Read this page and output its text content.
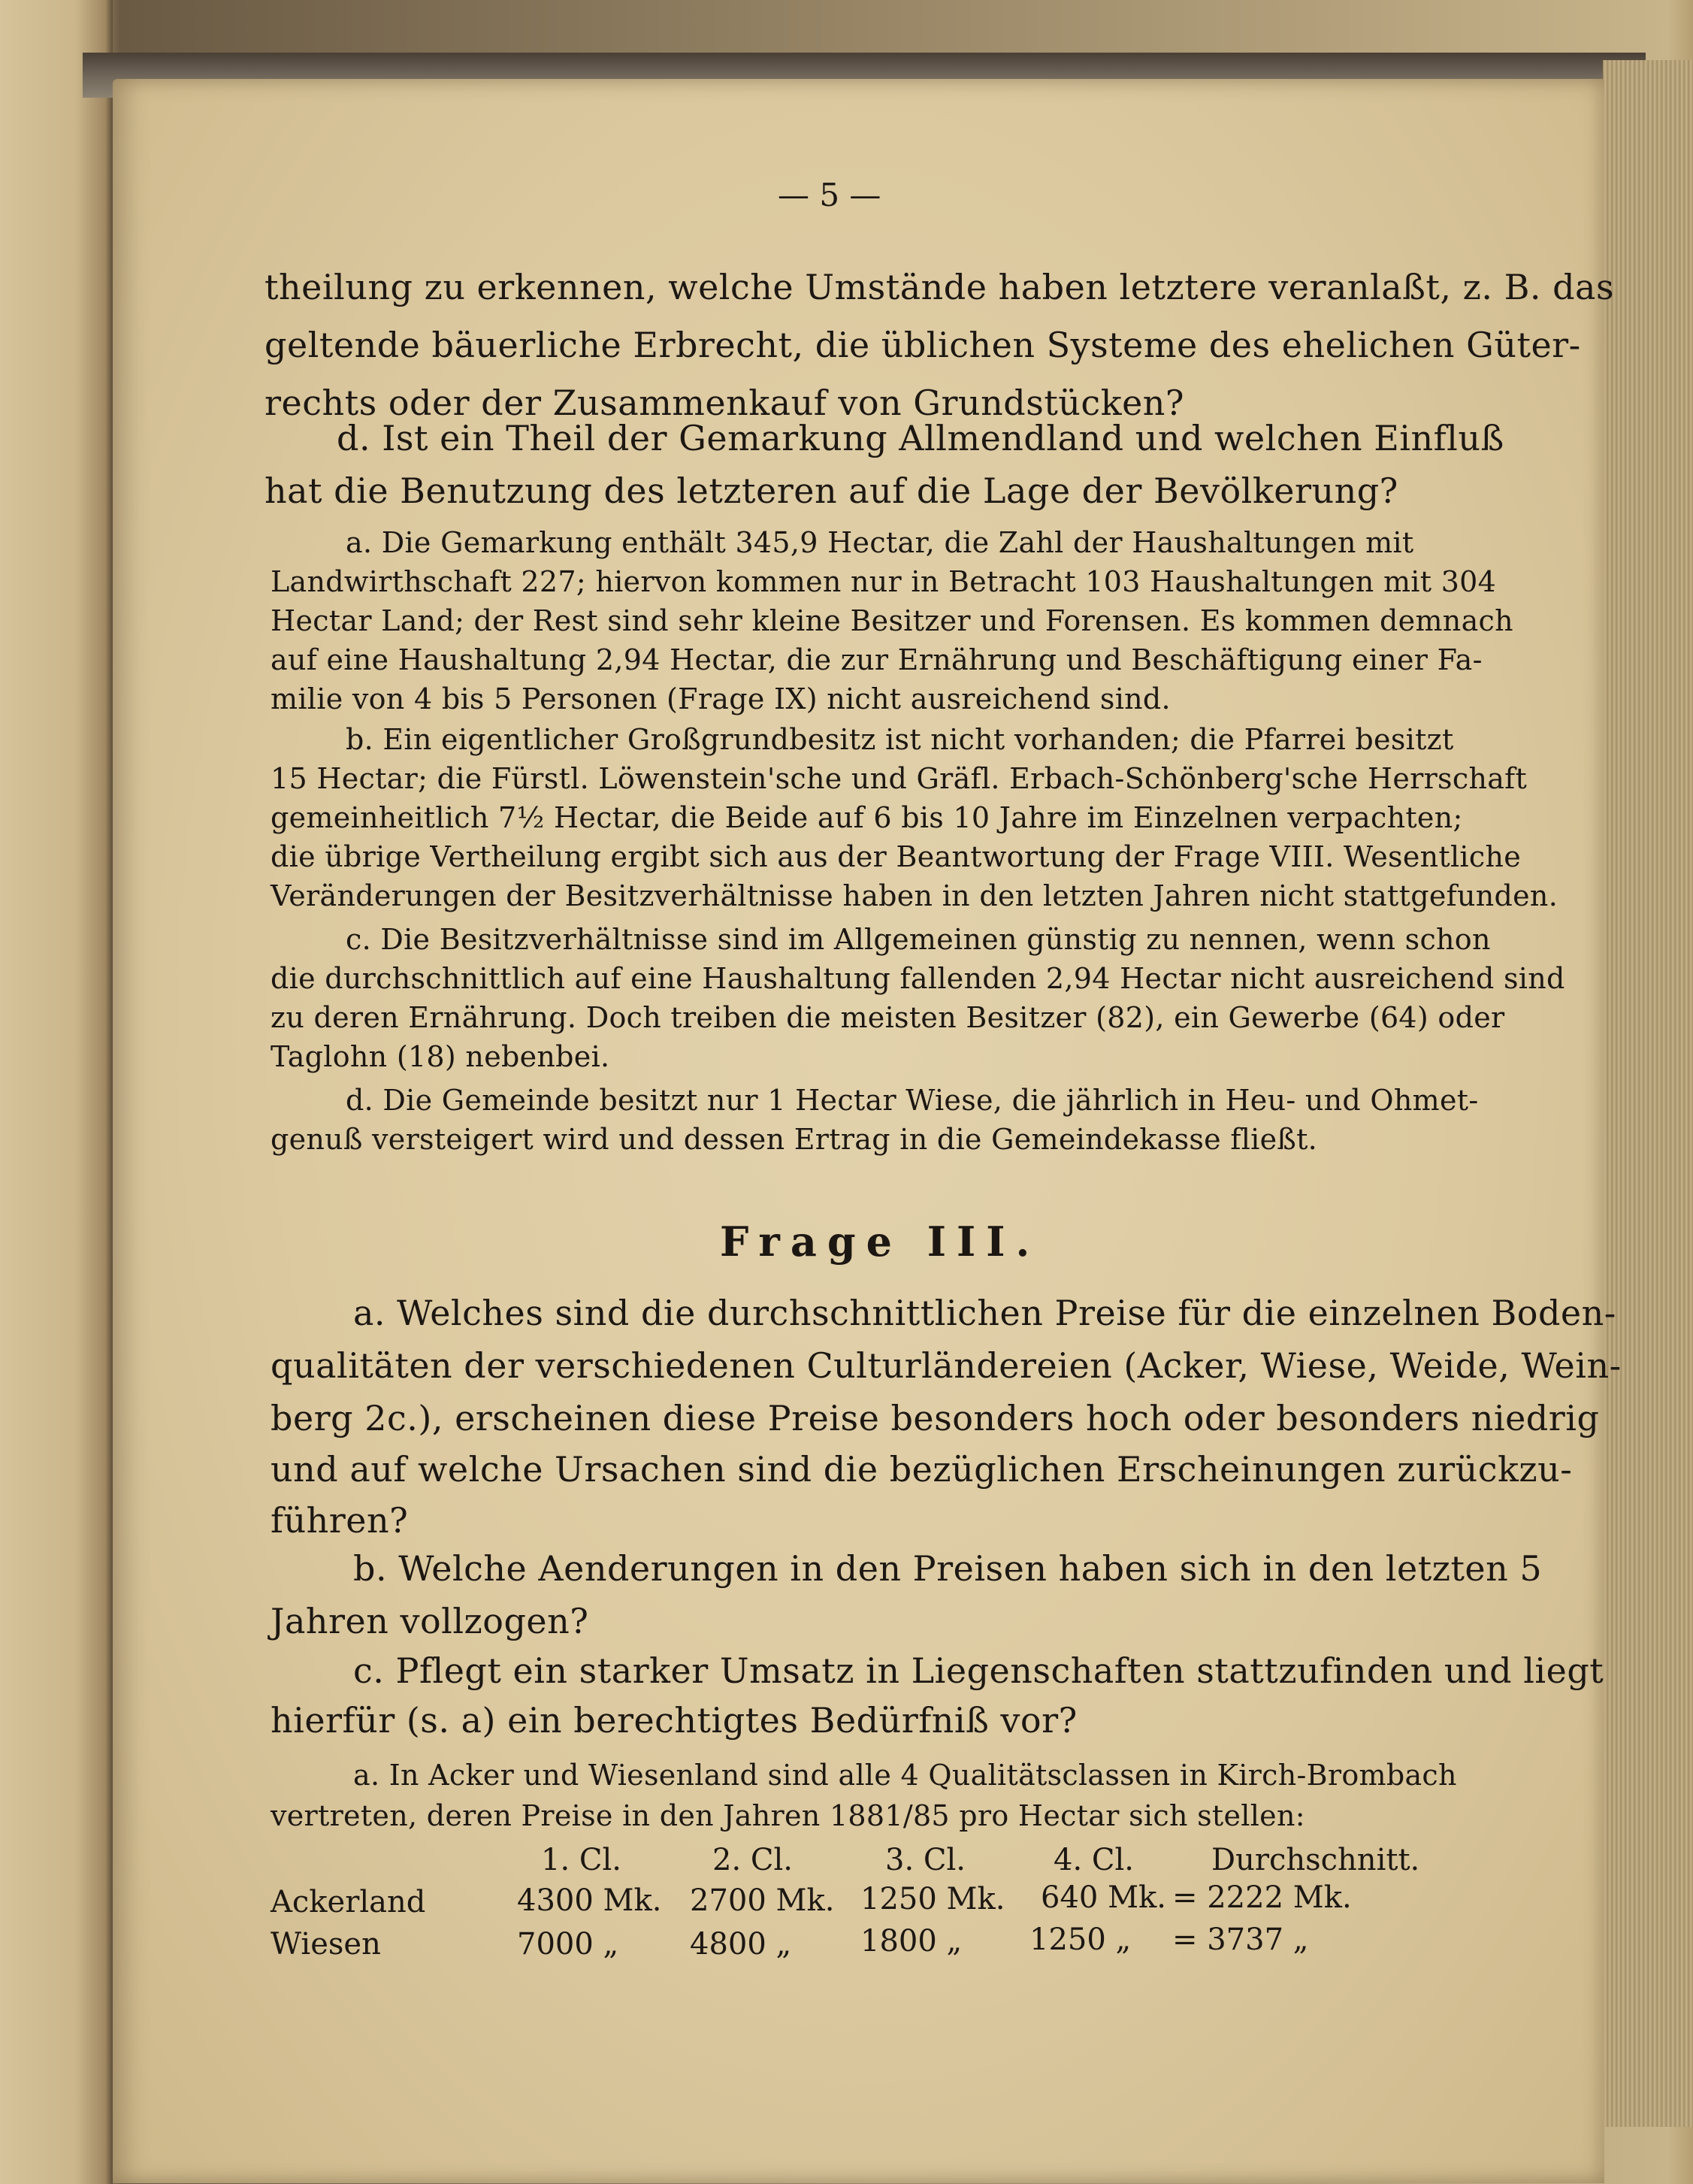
— 5 —
theilung zu erkennen, welche Umstände haben letztere veranlaßt, z. B. das
geltende bäuerliche Erbrecht, die üblichen Systeme des ehelichen Güter-
rechts oder der Zusammenkauf von Grundstücken?
d. Ist ein Theil der Gemarkung Allmendland und welchen Einfluß
hat die Benutzung des letzteren auf die Lage der Bevölkerung?
a. Die Gemarkung enthält 345,9 Hectar, die Zahl der Haushaltungen mit
Landwirthschaft 227; hiervon kommen nur in Betracht 103 Haushaltungen mit 304
Hectar Land; der Rest sind sehr kleine Besitzer und Forensen. Es kommen demnach
auf eine Haushaltung 2,94 Hectar, die zur Ernährung und Beschäftigung einer Fa-
milie von 4 bis 5 Personen (Frage IX) nicht ausreichend sind.
b. Ein eigentlicher Großgrundbesitz ist nicht vorhanden; die Pfarrei besitzt
15 Hectar; die Fürstl. Löwenstein'sche und Gräfl. Erbach-Schönberg'sche Herrschaft
gemeinheitlich 7½ Hectar, die Beide auf 6 bis 10 Jahre im Einzelnen verpachten;
die übrige Vertheilung ergibt sich aus der Beantwortung der Frage VIII. Wesentliche
Veränderungen der Besitzverhältnisse haben in den letzten Jahren nicht stattgefunden.
c. Die Besitzverhältnisse sind im Allgemeinen günstig zu nennen, wenn schon
die durchschnittlich auf eine Haushaltung fallenden 2,94 Hectar nicht ausreichend sind
zu deren Ernährung. Doch treiben die meisten Besitzer (82), ein Gewerbe (64) oder
Taglohn (18) nebenbei.
d. Die Gemeinde besitzt nur 1 Hectar Wiese, die jährlich in Heu- und Ohmet-
genuß versteigert wird und dessen Ertrag in die Gemeindekasse fließt.
Frage III.
a. Welches sind die durchschnittlichen Preise für die einzelnen Boden-
qualitäten der verschiedenen Culturländereien (Acker, Wiese, Weide, Wein-
berg 2c.), erscheinen diese Preise besonders hoch oder besonders niedrig
und auf welche Ursachen sind die bezüglichen Erscheinungen zurückzu-
führen?
b. Welche Aenderungen in den Preisen haben sich in den letzten 5
Jahren vollzogen?
c. Pflegt ein starker Umsatz in Liegenschaften stattzufinden und liegt
hierfür (s. a) ein berechtigtes Bedürfniß vor?
a. In Acker und Wiesenland sind alle 4 Qualitätsclassen in Kirch-Brombach
vertreten, deren Preise in den Jahren 1881/85 pro Hectar sich stellen:
1. Cl.	2. Cl.	3. Cl.	4. Cl.	Durchschnitt.
Ackerland	4300 Mk. 2700 Mk. 1250 Mk. 640 Mk. = 2222 Mk.
Wiesen	7000 „ 4800 „ 1800 „ 1250 „ = 3737 „
